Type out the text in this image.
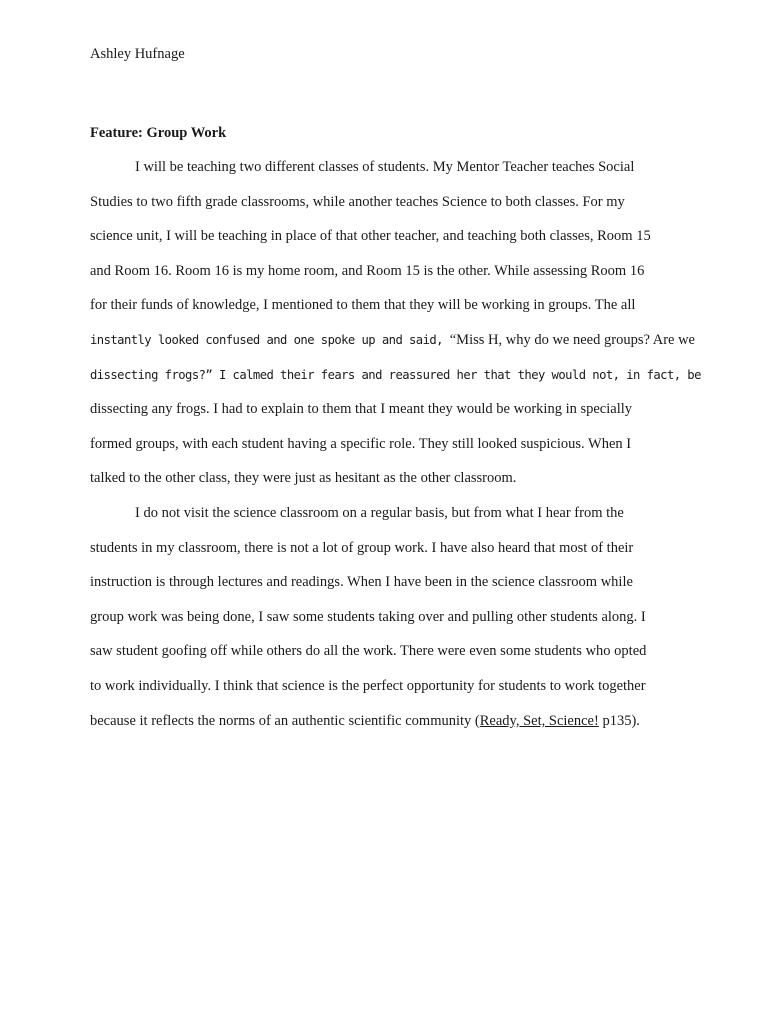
Ashley Hufnage
Feature: Group Work
I will be teaching two different classes of students. My Mentor Teacher teaches Social
Studies to two fifth grade classrooms, while another teaches Science to both classes. For my
science unit, I will be teaching in place of that other teacher, and teaching both classes, Room 15
and Room 16. Room 16 is my home room, and Room 15 is the other. While assessing Room 16
for their funds of knowledge, I mentioned to them that they will be working in groups. The all
instantly looked confused and one spoke up and said, “Miss H, why do we need groups? Are we
dissecting frogs?” I calmed their fears and reassured her that they would not, in fact, be
dissecting any frogs. I had to explain to them that I meant they would be working in specially
formed groups, with each student having a specific role. They still looked suspicious. When I
talked to the other class, they were just as hesitant as the other classroom.
I do not visit the science classroom on a regular basis, but from what I hear from the
students in my classroom, there is not a lot of group work. I have also heard that most of their
instruction is through lectures and readings. When I have been in the science classroom while
group work was being done, I saw some students taking over and pulling other students along. I
saw student goofing off while others do all the work. There were even some students who opted
to work individually. I think that science is the perfect opportunity for students to work together
because it reflects the norms of an authentic scientific community (Ready, Set, Science! p135).
